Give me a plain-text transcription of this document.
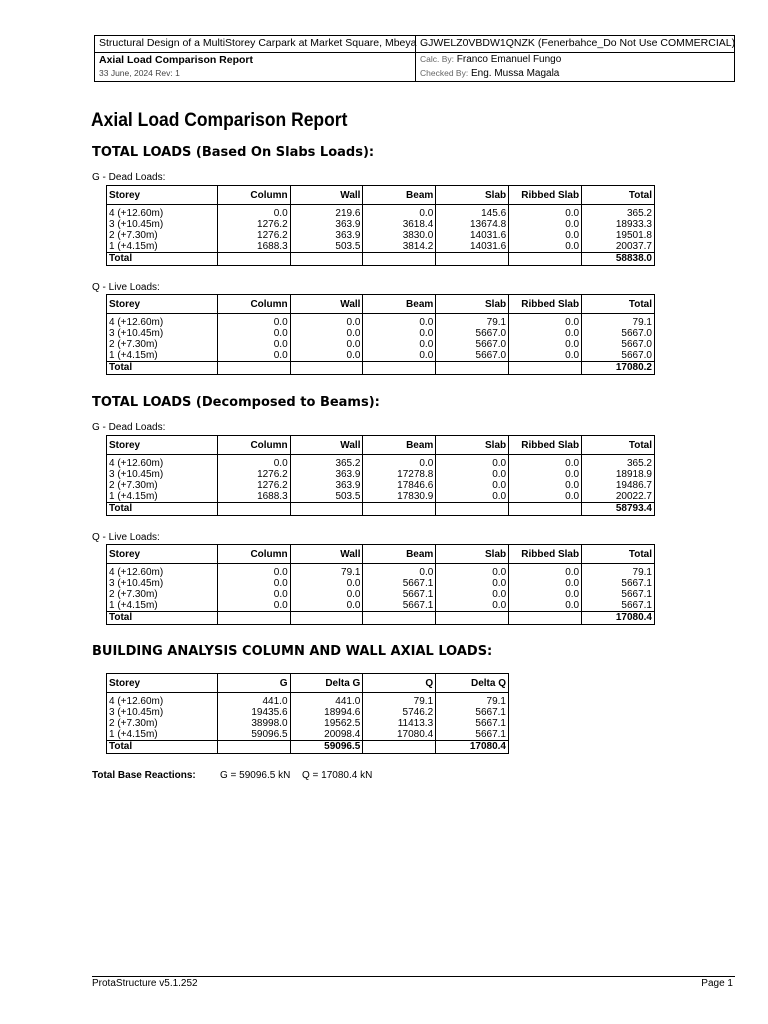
Structural Design of a MultiStorey Carpark at Market Square, Mbeya GJWELZ0VBDW1QNZK (Fenerbahce_Do Not Use COMMERCIAL)
Axial Load Comparison Report
33 June, 2024 Rev: 1
Calc. By: Franco Emanuel Fungo
Checked By: Eng. Mussa Magala
Axial Load Comparison Report
TOTAL LOADS (Based On Slabs Loads):
G - Dead Loads:
Storey	Column	Wall	Beam	Slab	Ribbed Slab	Total
4 (+12.60m)	0.0	219.6	0.0	145.6	0.0	365.2
3 (+10.45m)	1276.2	363.9	3618.4	13674.8	0.0	18933.3
2 (+7.30m)	1276.2	363.9	3830.0	14031.6	0.0	19501.8
1 (+4.15m)	1688.3	503.5	3814.2	14031.6	0.0	20037.7
Total						58838.0
Q - Live Loads:
Storey	Column	Wall	Beam	Slab	Ribbed Slab	Total
4 (+12.60m)	0.0	0.0	0.0	79.1	0.0	79.1
3 (+10.45m)	0.0	0.0	0.0	5667.0	0.0	5667.0
2 (+7.30m)	0.0	0.0	0.0	5667.0	0.0	5667.0
1 (+4.15m)	0.0	0.0	0.0	5667.0	0.0	5667.0
Total						17080.2
TOTAL LOADS (Decomposed to Beams):
G - Dead Loads:
Storey	Column	Wall	Beam	Slab	Ribbed Slab	Total
4 (+12.60m)	0.0	365.2	0.0	0.0	0.0	365.2
3 (+10.45m)	1276.2	363.9	17278.8	0.0	0.0	18918.9
2 (+7.30m)	1276.2	363.9	17846.6	0.0	0.0	19486.7
1 (+4.15m)	1688.3	503.5	17830.9	0.0	0.0	20022.7
Total						58793.4
Q - Live Loads:
Storey	Column	Wall	Beam	Slab	Ribbed Slab	Total
4 (+12.60m)	0.0	79.1	0.0	0.0	0.0	79.1
3 (+10.45m)	0.0	0.0	5667.1	0.0	0.0	5667.1
2 (+7.30m)	0.0	0.0	5667.1	0.0	0.0	5667.1
1 (+4.15m)	0.0	0.0	5667.1	0.0	0.0	5667.1
Total						17080.4
BUILDING ANALYSIS COLUMN AND WALL AXIAL LOADS:
Storey	G	Delta G	Q	Delta Q
4 (+12.60m)	441.0	441.0	79.1	79.1
3 (+10.45m)	19435.6	18994.6	5746.2	5667.1
2 (+7.30m)	38998.0	19562.5	11413.3	5667.1
1 (+4.15m)	59096.5	20098.4	17080.4	5667.1
Total		59096.5		17080.4
Total Base Reactions: G = 59096.5 kN Q = 17080.4 kN
ProtaStructure v5.1.252	Page 1
